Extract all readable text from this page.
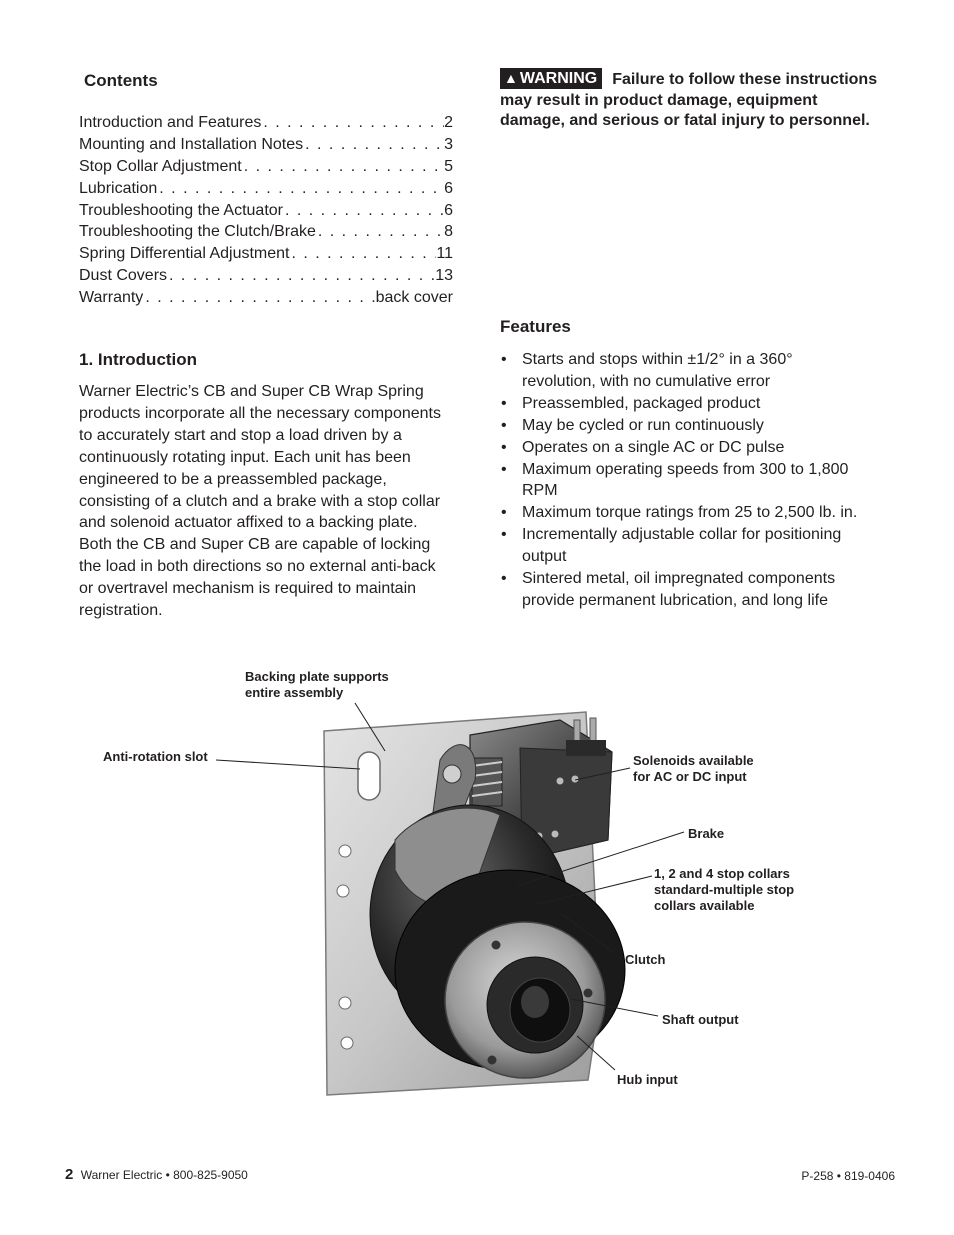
Contents
Introduction and Features . . .	2
Mounting and Installation Notes . . .	3
Stop Collar Adjustment . . .	5
Lubrication . . .	6
Troubleshooting the Actuator . . .	6
Troubleshooting the Clutch/Brake . . .	8
Spring Differential Adjustment . . .	11
Dust Covers . . .	13
Warranty . . .	back cover
1. Introduction
Warner Electric’s CB and Super CB Wrap Spring products incorporate all the necessary components to accurately start and stop a load driven by a continuously rotating input. Each unit has been engineered to be a preassembled package, consisting of a clutch and a brake with a stop collar and solenoid actuator affixed to a backing plate. Both the CB and Super CB are capable of locking the load in both directions so no external anti-back or overtravel mechanism is required to maintain registration.
▲ WARNING Failure to follow these instructions may result in product damage, equipment damage, and serious or fatal injury to personnel.
Features
• Starts and stops within ±1/2° in a 360° revolution, with no cumulative error
• Preassembled, packaged product
• May be cycled or run continuously
• Operates on a single AC or DC pulse
• Maximum operating speeds from 300 to 1,800 RPM
• Maximum torque ratings from 25 to 2,500 lb. in.
• Incrementally adjustable collar for positioning output
• Sintered metal, oil impregnated components provide permanent lubrication, and long life
Backing plate supports
entire assembly
Anti-rotation slot	Solenoids available
for AC or DC input
Brake
1, 2 and 4 stop collars
standard-multiple stop
collars available
Clutch
Shaft output
Hub input
2 Warner Electric • 800-825-9050	P-258 • 819-0406
